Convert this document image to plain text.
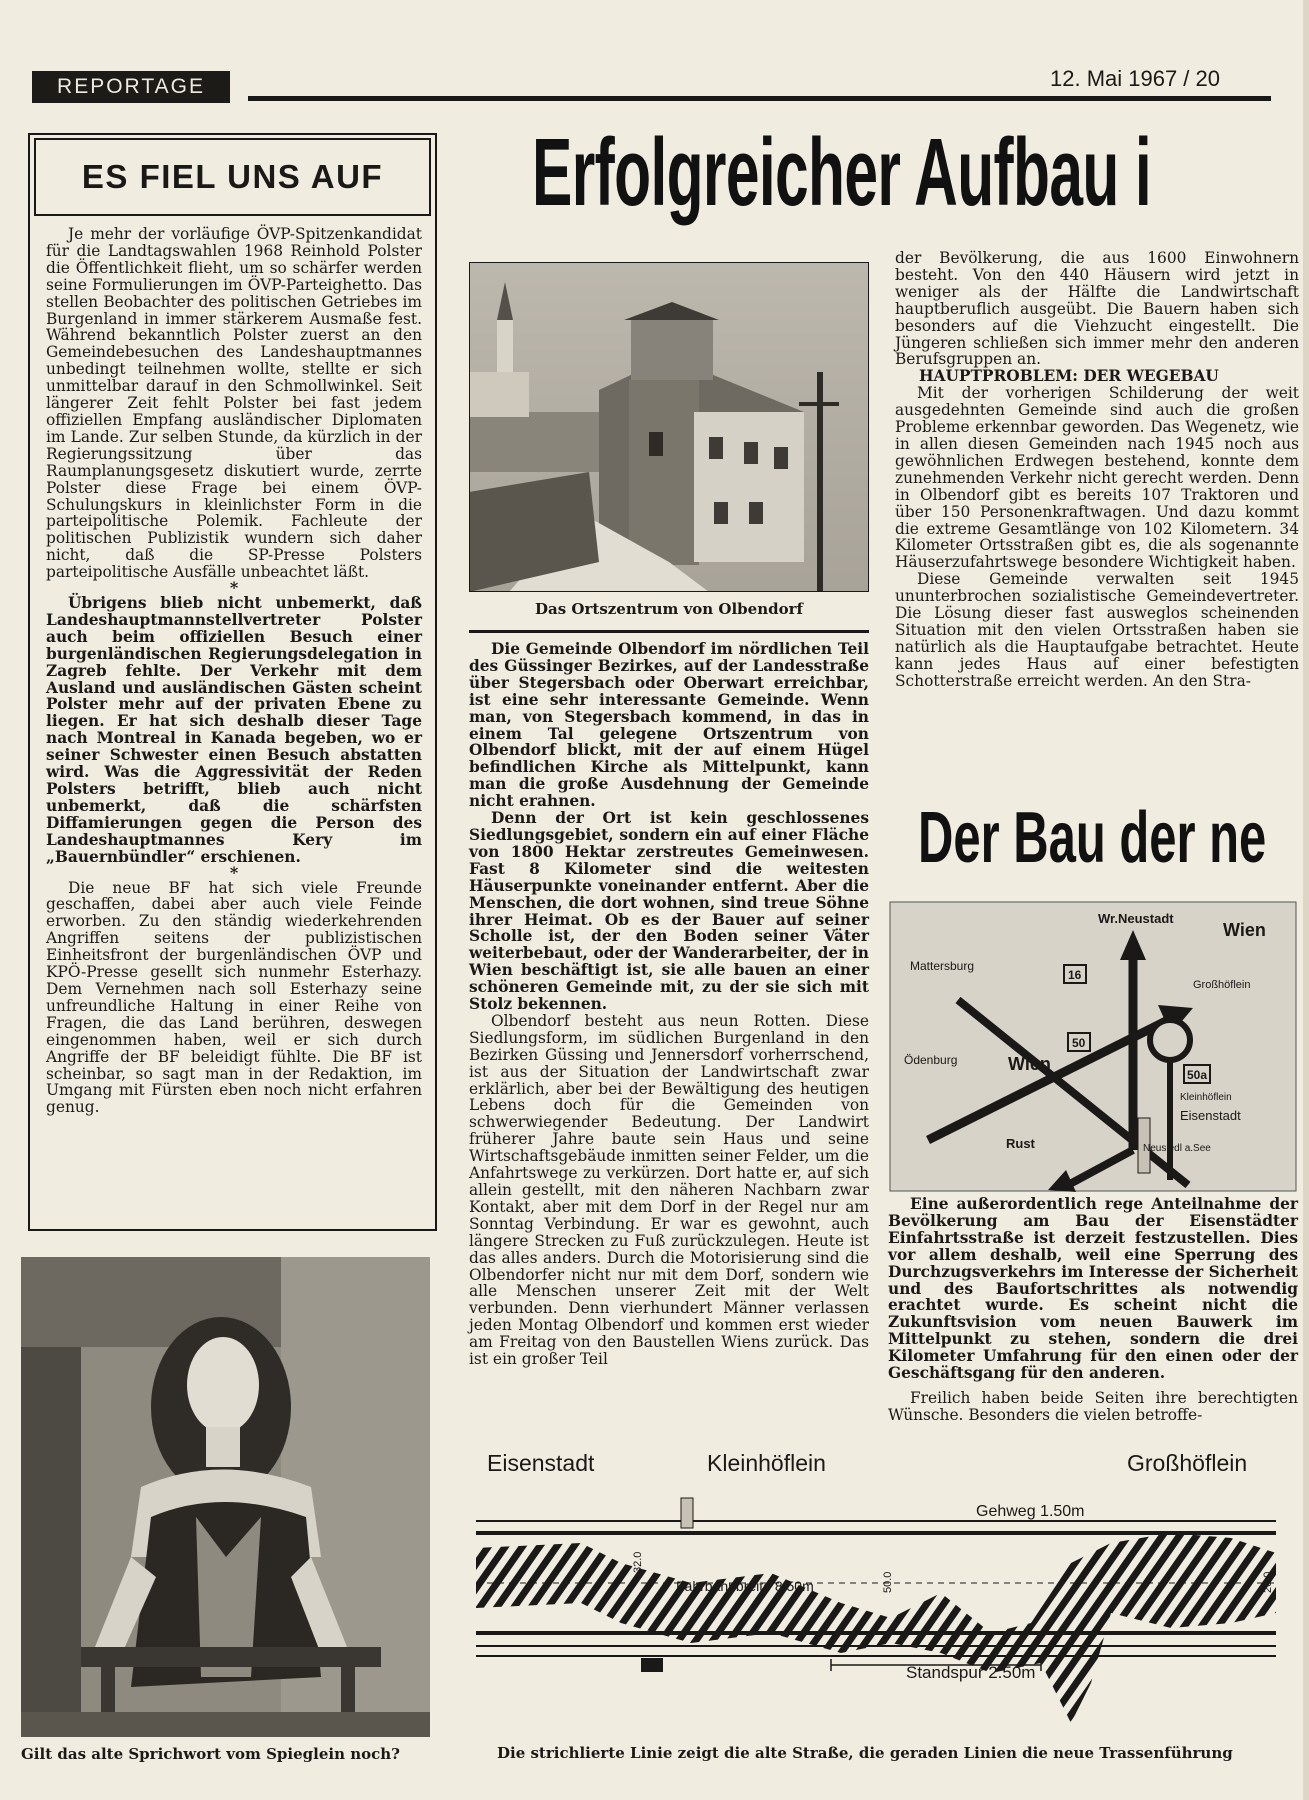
REPORTAGE	12. Mai 1967 / 20
ES FIEL UNS AUF

Je mehr der vorläufige ÖVP-Spitzenkandidat für die Landtagswahlen 1968 Reinhold Polster die Öffentlichkeit flieht, um so schärfer werden seine Formulierungen im ÖVP-Parteighetto. Das stellen Beobachter des politischen Getriebes im Burgenland in immer stärkerem Ausmaße fest. Während bekanntlich Polster zuerst an den Gemeindebesuchen des Landeshauptmannes unbedingt teilnehmen wollte, stellte er sich unmittelbar darauf in den Schmollwinkel. Seit längerer Zeit fehlt Polster bei fast jedem offiziellen Empfang ausländischer Diplomaten im Lande. Zur selben Stunde, da kürzlich in der Regierungssitzung über das Raumplanungsgesetz diskutiert wurde, zerrte Polster diese Frage bei einem ÖVP-Schulungskurs in kleinlichster Form in die parteipolitische Polemik. Fachleute der politischen Publizistik wundern sich daher nicht, daß die SP-Presse Polsters parteipolitische Ausfälle unbeachtet läßt.

*

Übrigens blieb nicht unbemerkt, daß Landeshauptmannstellvertreter Polster auch beim offiziellen Besuch einer burgenländischen Regierungsdelegation in Zagreb fehlte. Der Verkehr mit dem Ausland und ausländischen Gästen scheint Polster mehr auf der privaten Ebene zu liegen. Er hat sich deshalb dieser Tage nach Montreal in Kanada begeben, wo er seiner Schwester einen Besuch abstatten wird. Was die Aggressivität der Reden Polsters betrifft, blieb auch nicht unbemerkt, daß die schärfsten Diffamierungen gegen die Person des Landeshauptmannes Kery im „Bauernbündler“ erschienen.

*

Die neue BF hat sich viele Freunde geschaffen, dabei aber auch viele Feinde erworben. Zu den ständig wiederkehrenden Angriffen seitens der publizistischen Einheitsfront der burgenländischen ÖVP und KPÖ-Presse gesellt sich nunmehr Esterhazy. Dem Vernehmen nach soll Esterhazy seine unfreundliche Haltung in einer Reihe von Fragen, die das Land berühren, deswegen eingenommen haben, weil er sich durch Angriffe der BF beleidigt fühlte. Die BF ist scheinbar, so sagt man in der Redaktion, im Umgang mit Fürsten eben noch nicht erfahren genug.

Erfolgreicher Aufbau i
Das Ortszentrum von Olbendorf

Die Gemeinde Olbendorf im nördlichen Teil des Güssinger Bezirkes, auf der Landesstraße über Stegersbach oder Oberwart erreichbar, ist eine sehr interessante Gemeinde. Wenn man, von Stegersbach kommend, in das in einem Tal gelegene Ortszentrum von Olbendorf blickt, mit der auf einem Hügel befindlichen Kirche als Mittelpunkt, kann man die große Ausdehnung der Gemeinde nicht erahnen.

Denn der Ort ist kein geschlossenes Siedlungsgebiet, sondern ein auf einer Fläche von 1800 Hektar zerstreutes Gemeinwesen. Fast 8 Kilometer sind die weitesten Häuserpunkte voneinander entfernt. Aber die Menschen, die dort wohnen, sind treue Söhne ihrer Heimat. Ob es der Bauer auf seiner Scholle ist, der den Boden seiner Väter weiterbebaut, oder der Wanderarbeiter, der in Wien beschäftigt ist, sie alle bauen an einer schöneren Gemeinde mit, zu der sie sich mit Stolz bekennen.

Olbendorf besteht aus neun Rotten. Diese Siedlungsform, im südlichen Burgenland in den Bezirken Güssing und Jennersdorf vorherrschend, ist aus der Situation der Landwirtschaft zwar erklärlich, aber bei der Bewältigung des heutigen Lebens doch für die Gemeinden von schwerwiegender Bedeutung. Der Landwirt früherer Jahre baute sein Haus und seine Wirtschaftsgebäude inmitten seiner Felder, um die Anfahrtswege zu verkürzen. Dort hatte er, auf sich allein gestellt, mit den näheren Nachbarn zwar Kontakt, aber mit dem Dorf in der Regel nur am Sonntag Verbindung. Er war es gewohnt, auch längere Strecken zu Fuß zurückzulegen. Heute ist das alles anders. Durch die Motorisierung sind die Olbendorfer nicht nur mit dem Dorf, sondern wie alle Menschen unserer Zeit mit der Welt verbunden. Denn vierhundert Männer verlassen jeden Montag Olbendorf und kommen erst wieder am Freitag von den Baustellen Wiens zurück. Das ist ein großer Teil

der Bevölkerung, die aus 1600 Einwohnern besteht. Von den 440 Häusern wird jetzt in weniger als der Hälfte die Landwirtschaft hauptberuflich ausgeübt. Die Bauern haben sich besonders auf die Viehzucht eingestellt. Die Jüngeren schließen sich immer mehr den anderen Berufsgruppen an.

HAUPTPROBLEM: DER WEGEBAU

Mit der vorherigen Schilderung der weit ausgedehnten Gemeinde sind auch die großen Probleme erkennbar geworden. Das Wegenetz, wie in allen diesen Gemeinden nach 1945 noch aus gewöhnlichen Erdwegen bestehend, konnte dem zunehmenden Verkehr nicht gerecht werden. Denn in Olbendorf gibt es bereits 107 Traktoren und über 150 Personenkraftwagen. Und dazu kommt die extreme Gesamtlänge von 102 Kilometern. 34 Kilometer Ortsstraßen gibt es, die als sogenannte Häuserzufahrtswege besondere Wichtigkeit haben.

Diese Gemeinde verwalten seit 1945 ununterbrochen sozialistische Gemeindevertreter. Die Lösung dieser fast ausweglos scheinenden Situation mit den vielen Ortsstraßen haben sie natürlich als die Hauptaufgabe betrachtet. Heute kann jedes Haus auf einer befestigten Schotterstraße erreicht werden. An den Stra-

Der Bau der ne
Wr.Neustadt
Wien
Mattersburg
16
Großhöflein
50
Ödenburg	Wien
50a
Kleinhöflein
Eisenstadt
Rust	Neusiedl a.See

Eine außerordentlich rege Anteilnahme der Bevölkerung am Bau der Eisenstädter Einfahrtsstraße ist derzeit festzustellen. Dies vor allem deshalb, weil eine Sperrung des Durchzugsverkehrs im Interesse der Sicherheit und des Baufortschrittes als notwendig erachtet wurde. Es scheint nicht die Zukunftsvision vom neuen Bauwerk im Mittelpunkt zu stehen, sondern die drei Kilometer Umfahrung für den einen oder der Geschäftsgang für den anderen.

Freilich haben beide Seiten ihre berechtigten Wünsche. Besonders die vielen betroffe-

Gilt das alte Sprichwort vom Spieglein noch?
Eisenstadt	Kleinhöflein	Großhöflein
Gehweg 1.50m
Fahrbahnbreite 8.50m
Standspur 2.50m
50.0
32.0
20.0
Die strichlierte Linie zeigt die alte Straße, die geraden Linien die neue Trassenführung
